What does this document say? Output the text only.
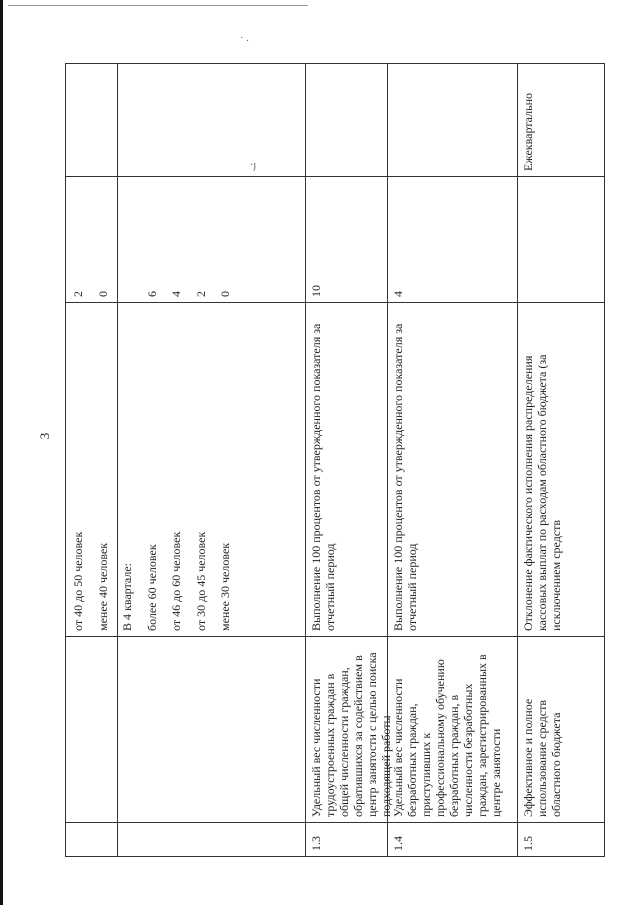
˙ ·
·ȷ
3
от 40 до 50 человек менее 40 человек В 4 квартале: более 60 человек от 46 до 60 человек от 30 до 45 человек менее 30 человек
2 0	6 4 2 0
1.3
Удельный вес численности трудоустроенных граждан в общей численности граждан, обратившихся за содействием в центр занятости с целью поиска подходящей работы
Выполнение 100 процентов от утвержденного показателя за отчетный период
10
1.4
Удельный вес численности безработных граждан, приступивших к профессиональному обучению безработных граждан, в численности безработных граждан, зарегистрированных в центре занятости
Выполнение 100 процентов от утвержденного показателя за отчетный период
4
1.5
Эффективное и полное использование средств областного бюджета
Отклонение фактического исполнения распределения кассовых выплат по расходам областного бюджета (за исключением средств
Ежеквартально
